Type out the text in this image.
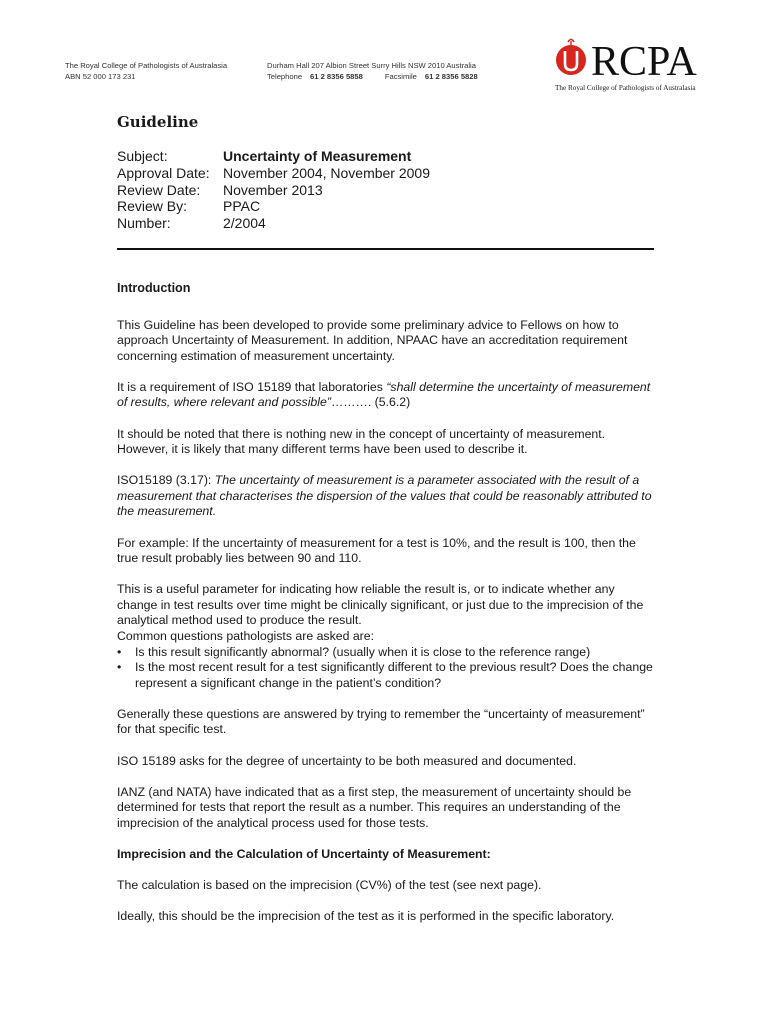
The Royal College of Pathologists of Australasia
ABN 52 000 173 231
Durham Hall 207 Albion Street Surry Hills NSW 2010 Australia
Telephone 61 2 8356 5858	Facsimile 61 2 8356 5828	RCPA
The Royal College of Pathologists of Australasia
Guideline
Subject:	Uncertainty of Measurement
Approval Date: November 2004, November 2009
Review Date:	November 2013
Review By:	PPAC
Number:	2/2004
Introduction

This Guideline has been developed to provide some preliminary advice to Fellows on how to approach Uncertainty of Measurement. In addition, NPAAC have an accreditation requirement concerning estimation of measurement uncertainty.

It is a requirement of ISO 15189 that laboratories “shall determine the uncertainty of measurement of results, where relevant and possible”………. (5.6.2)

It should be noted that there is nothing new in the concept of uncertainty of measurement. However, it is likely that many different terms have been used to describe it.

ISO15189 (3.17): The uncertainty of measurement is a parameter associated with the result of a measurement that characterises the dispersion of the values that could be reasonably attributed to the measurement.

For example: If the uncertainty of measurement for a test is 10%, and the result is 100, then the true result probably lies between 90 and 110.

This is a useful parameter for indicating how reliable the result is, or to indicate whether any change in test results over time might be clinically significant, or just due to the imprecision of the analytical method used to produce the result.

Common questions pathologists are asked are:

• Is this result significantly abnormal? (usually when it is close to the reference range)
• Is the most recent result for a test significantly different to the previous result? Does the change represent a significant change in the patient’s condition?

Generally these questions are answered by trying to remember the “uncertainty of measurement” for that specific test.

ISO 15189 asks for the degree of uncertainty to be both measured and documented.

IANZ (and NATA) have indicated that as a first step, the measurement of uncertainty should be determined for tests that report the result as a number. This requires an understanding of the imprecision of the analytical process used for those tests.

Imprecision and the Calculation of Uncertainty of Measurement:

The calculation is based on the imprecision (CV%) of the test (see next page).

Ideally, this should be the imprecision of the test as it is performed in the specific laboratory.
